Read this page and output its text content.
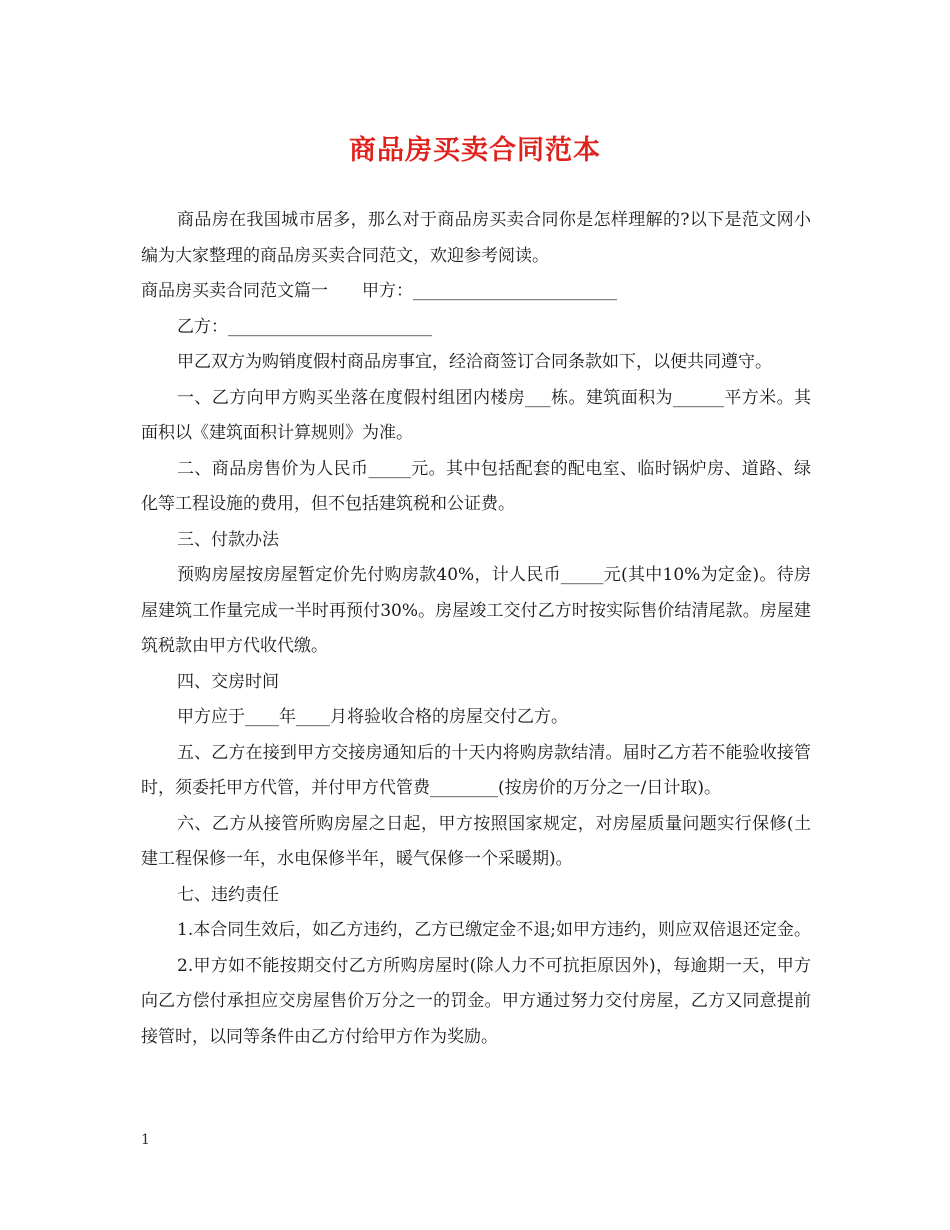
商品房买卖合同范本

商品房在我国城市居多，那么对于商品房买卖合同你是怎样理解的?以下是范文网小编为大家整理的商品房买卖合同范文，欢迎参考阅读。

商品房买卖合同范文篇一　　甲方：________________________

乙方：________________________

甲乙双方为购销度假村商品房事宜，经洽商签订合同条款如下，以便共同遵守。

一、乙方向甲方购买坐落在度假村组团内楼房___栋。建筑面积为______平方米。其面积以《建筑面积计算规则》为准。

二、商品房售价为人民币_____元。其中包括配套的配电室、临时锅炉房、道路、绿化等工程设施的费用，但不包括建筑税和公证费。

三、付款办法

预购房屋按房屋暂定价先付购房款40%，计人民币_____元(其中10%为定金)。待房屋建筑工作量完成一半时再预付30%。房屋竣工交付乙方时按实际售价结清尾款。房屋建筑税款由甲方代收代缴。

四、交房时间

甲方应于____年____月将验收合格的房屋交付乙方。

五、乙方在接到甲方交接房通知后的十天内将购房款结清。届时乙方若不能验收接管时，须委托甲方代管，并付甲方代管费________(按房价的万分之一/日计取)。

六、乙方从接管所购房屋之日起，甲方按照国家规定，对房屋质量问题实行保修(土建工程保修一年，水电保修半年，暖气保修一个采暖期)。

七、违约责任

1.本合同生效后，如乙方违约，乙方已缴定金不退;如甲方违约，则应双倍退还定金。

2.甲方如不能按期交付乙方所购房屋时(除人力不可抗拒原因外)，每逾期一天，甲方向乙方偿付承担应交房屋售价万分之一的罚金。甲方通过努力交付房屋，乙方又同意提前接管时，以同等条件由乙方付给甲方作为奖励。

1
